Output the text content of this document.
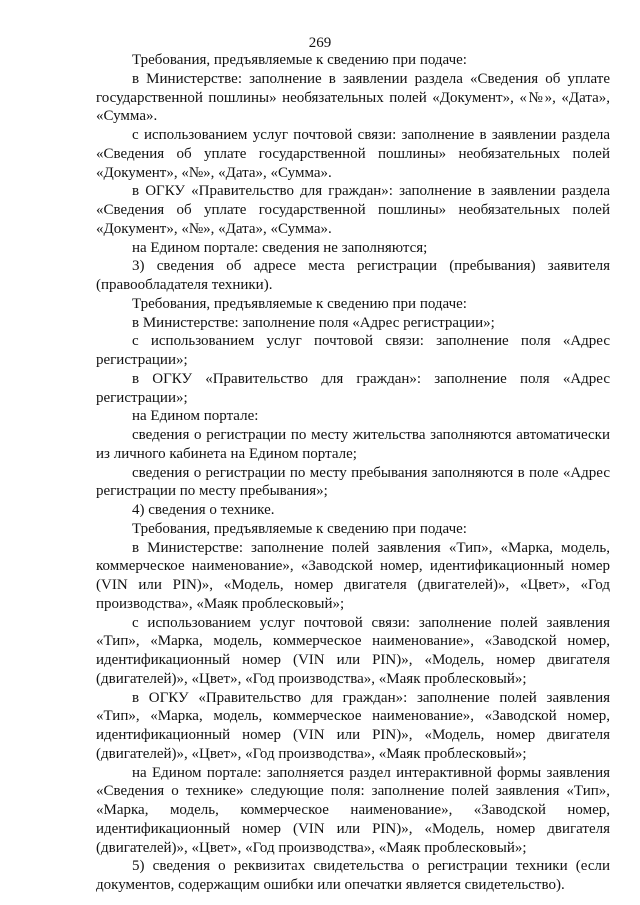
269

Требования, предъявляемые к сведению при подаче:

в Министерстве: заполнение в заявлении раздела «Сведения об уплате государственной пошлины» необязательных полей «Документ», «№», «Дата», «Сумма».

с использованием услуг почтовой связи: заполнение в заявлении раздела «Сведения об уплате государственной пошлины» необязательных полей «Документ», «№», «Дата», «Сумма».

в ОГКУ «Правительство для граждан»: заполнение в заявлении раздела «Сведения об уплате государственной пошлины» необязательных полей «Документ», «№», «Дата», «Сумма».

на Едином портале: сведения не заполняются;

3) сведения об адресе места регистрации (пребывания) заявителя (правообладателя техники).

Требования, предъявляемые к сведению при подаче:

в Министерстве: заполнение поля «Адрес регистрации»;

с использованием услуг почтовой связи: заполнение поля «Адрес регистрации»;

в ОГКУ «Правительство для граждан»: заполнение поля «Адрес регистрации»;

на Едином портале:

сведения о регистрации по месту жительства заполняются автоматически из личного кабинета на Едином портале;

сведения о регистрации по месту пребывания заполняются в поле «Адрес регистрации по месту пребывания»;

4) сведения о технике.

Требования, предъявляемые к сведению при подаче:

в Министерстве: заполнение полей заявления «Тип», «Марка, модель, коммерческое наименование», «Заводской номер, идентификационный номер (VIN или PIN)», «Модель, номер двигателя (двигателей)», «Цвет», «Год производства», «Маяк проблесковый»;

с использованием услуг почтовой связи: заполнение полей заявления «Тип», «Марка, модель, коммерческое наименование», «Заводской номер, идентификационный номер (VIN или PIN)», «Модель, номер двигателя (двигателей)», «Цвет», «Год производства», «Маяк проблесковый»;

в ОГКУ «Правительство для граждан»: заполнение полей заявления «Тип», «Марка, модель, коммерческое наименование», «Заводской номер, идентификационный номер (VIN или PIN)», «Модель, номер двигателя (двигателей)», «Цвет», «Год производства», «Маяк проблесковый»;

на Едином портале: заполняется раздел интерактивной формы заявления «Сведения о технике» следующие поля: заполнение полей заявления «Тип», «Марка, модель, коммерческое наименование», «Заводской номер, идентификационный номер (VIN или PIN)», «Модель, номер двигателя (двигателей)», «Цвет», «Год производства», «Маяк проблесковый»;

5) сведения о реквизитах свидетельства о регистрации техники (если документов, содержащим ошибки или опечатки является свидетельство).
